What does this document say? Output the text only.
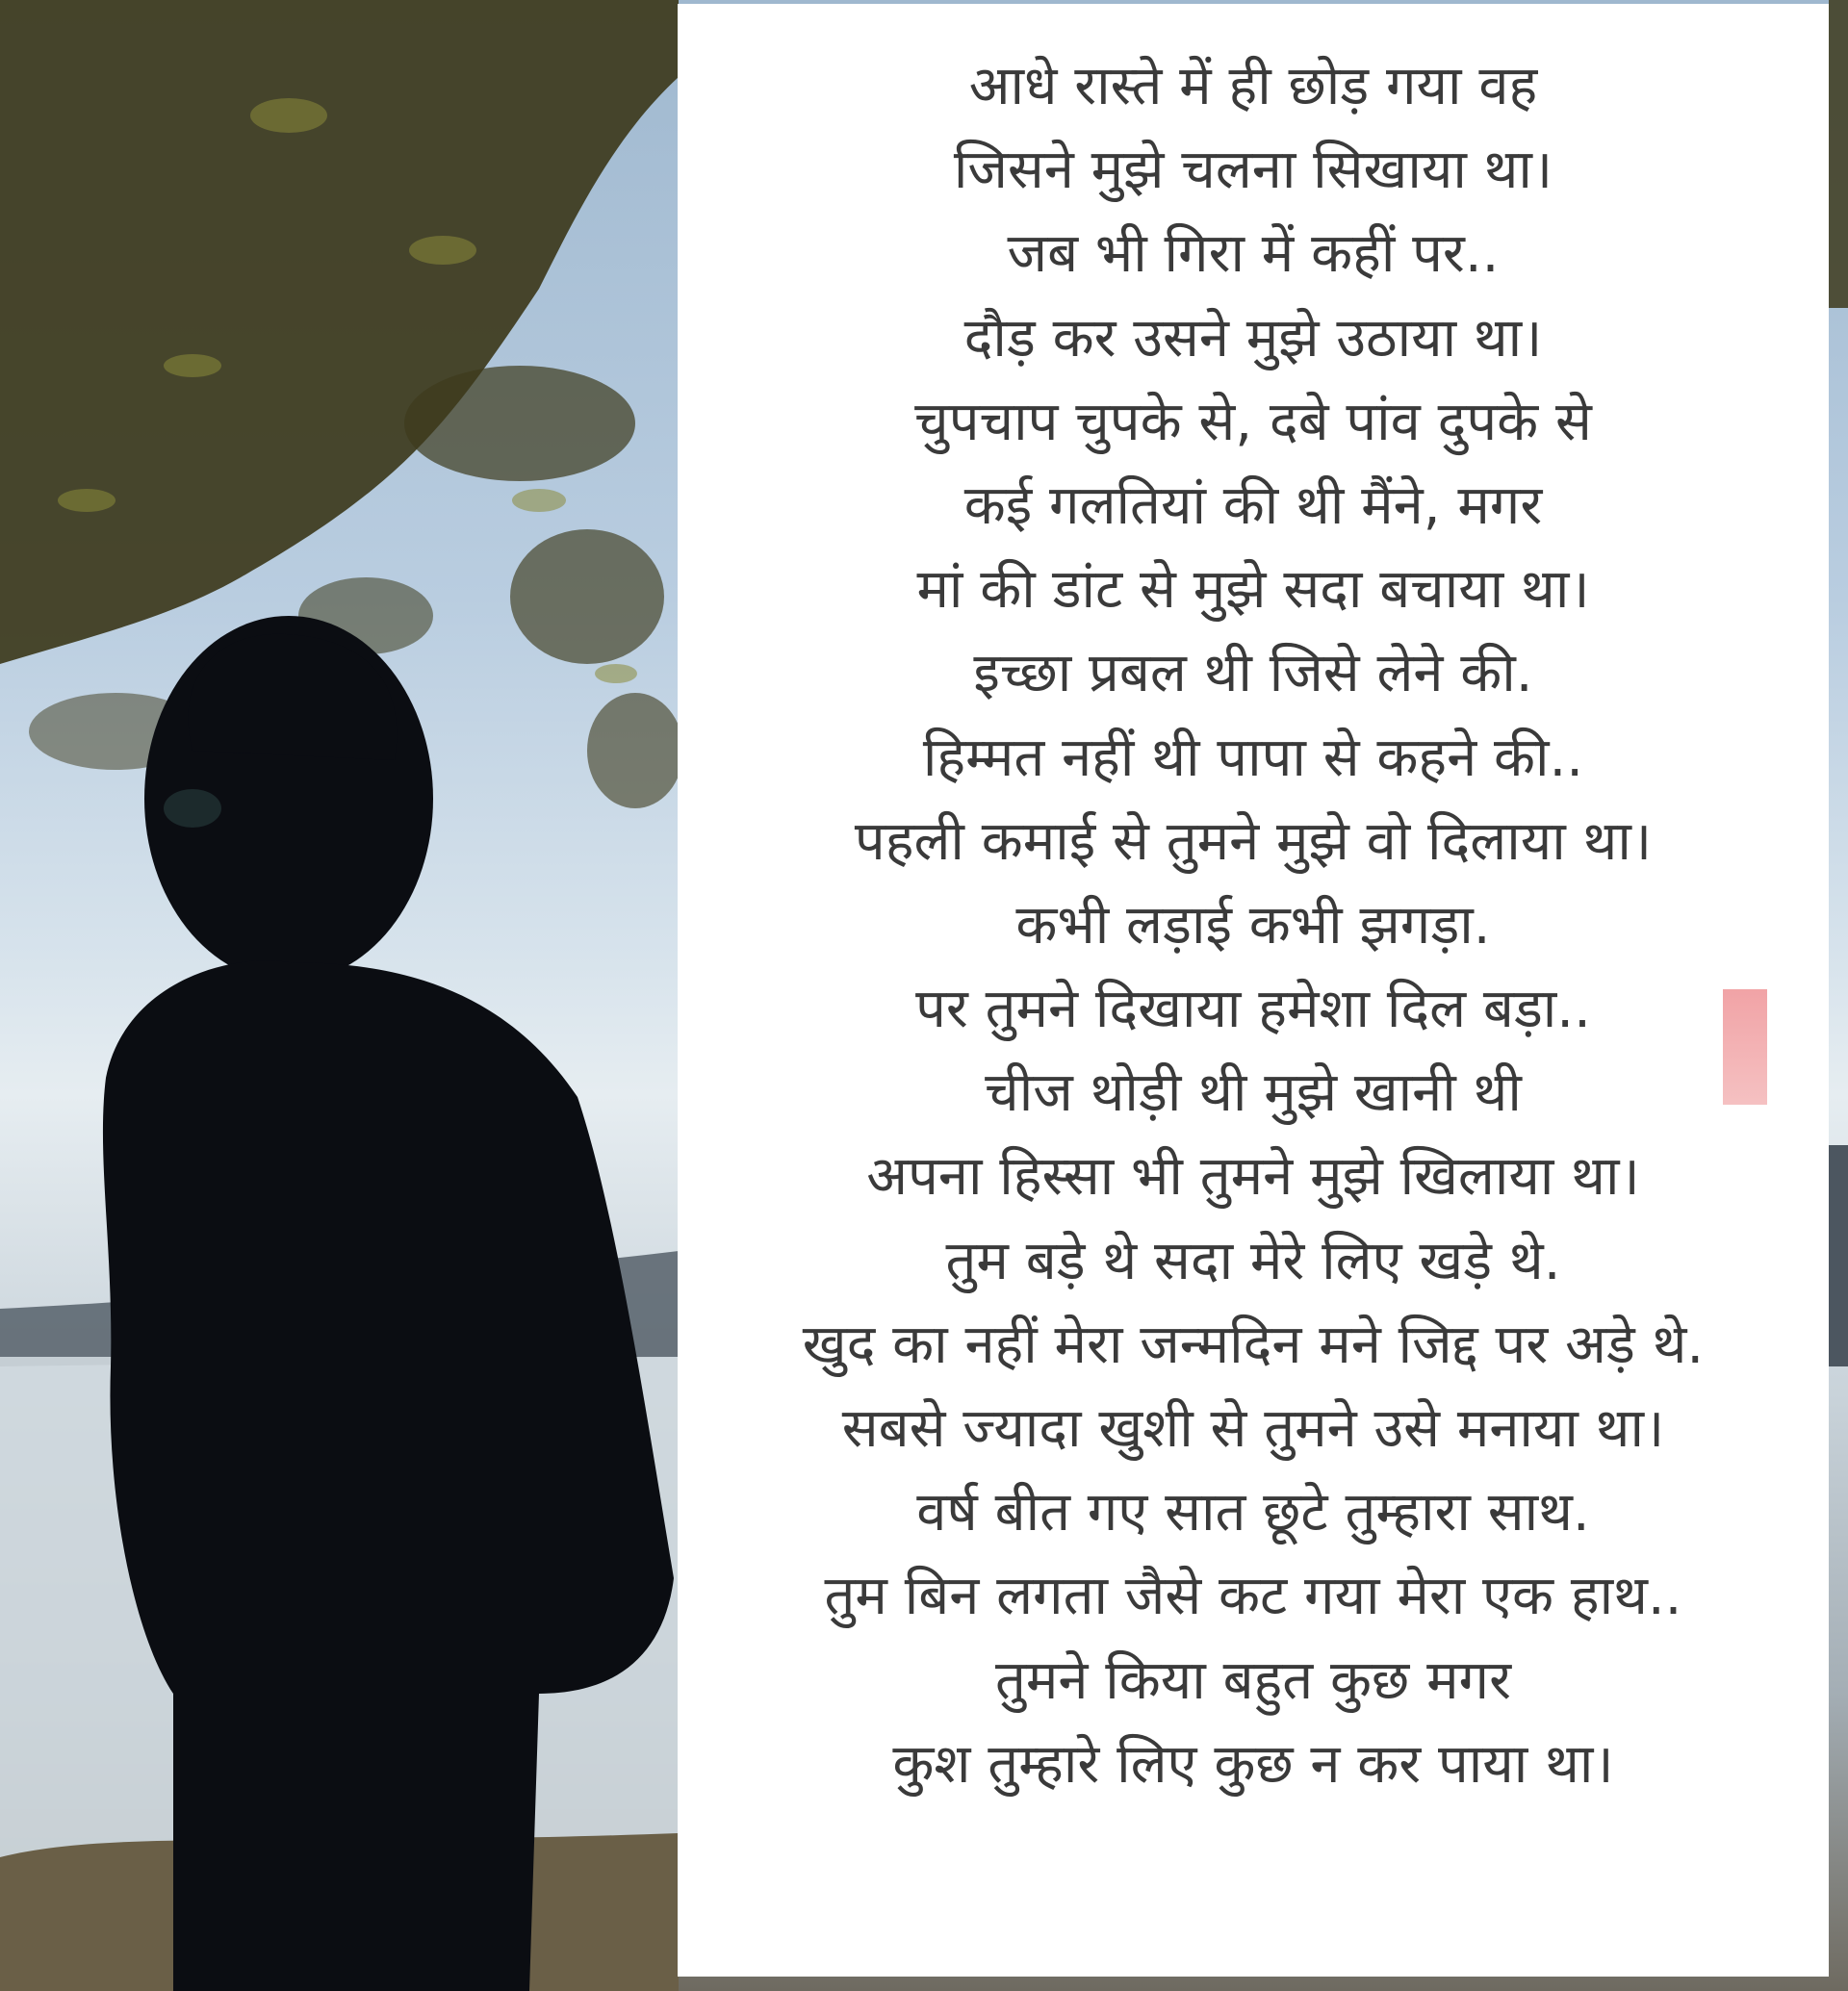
आधे रास्ते में ही छोड़ गया वह
जिसने मुझे चलना सिखाया था।
जब भी गिरा में कहीं पर..
दौड़ कर उसने मुझे उठाया था।
चुपचाप चुपके से, दबे पांव दुपके से
कई गलतियां की थी मैंने, मगर
मां की डांट से मुझे सदा बचाया था।
इच्छा प्रबल थी जिसे लेने की.
हिम्मत नहीं थी पापा से कहने की..
पहली कमाई से तुमने मुझे वो दिलाया था।
कभी लड़ाई कभी झगड़ा.
पर तुमने दिखाया हमेशा दिल बड़ा..
चीज थोड़ी थी मुझे खानी थी
अपना हिस्सा भी तुमने मुझे खिलाया था।
तुम बड़े थे सदा मेरे लिए खड़े थे.
खुद का नहीं मेरा जन्मदिन मने जिद्द पर अड़े थे.
सबसे ज्यादा खुशी से तुमने उसे मनाया था।
वर्ष बीत गए सात छूटे तुम्हारा साथ.
तुम बिन लगता जैसे कट गया मेरा एक हाथ..
तुमने किया बहुत कुछ मगर
कुश तुम्हारे लिए कुछ न कर पाया था।
